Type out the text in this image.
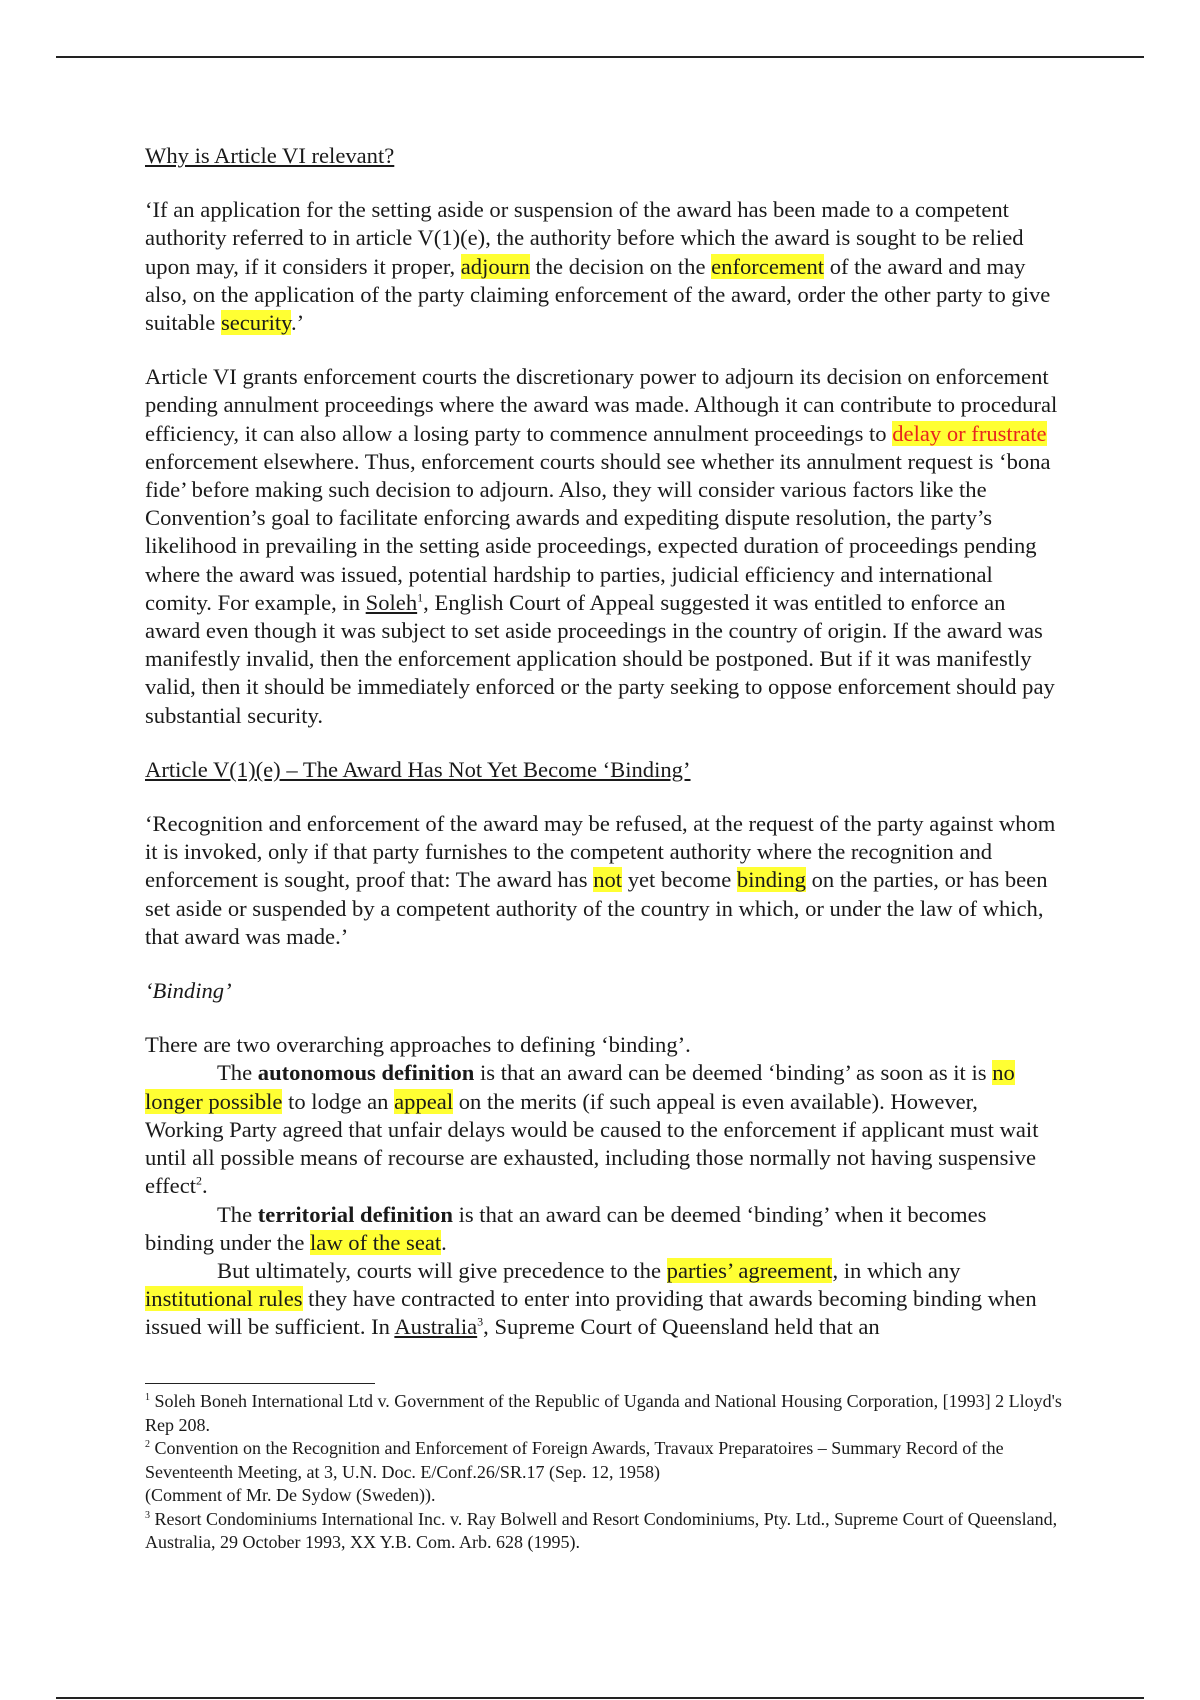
Why is Article VI relevant?

‘If an application for the setting aside or suspension of the award has been made to a competent authority referred to in article V(1)(e), the authority before which the award is sought to be relied upon may, if it considers it proper, adjourn the decision on the enforcement of the award and may also, on the application of the party claiming enforcement of the award, order the other party to give suitable security.’

Article VI grants enforcement courts the discretionary power to adjourn its decision on enforcement pending annulment proceedings where the award was made. Although it can contribute to procedural efficiency, it can also allow a losing party to commence annulment proceedings to delay or frustrate enforcement elsewhere. Thus, enforcement courts should see whether its annulment request is ‘bona fide’ before making such decision to adjourn. Also, they will consider various factors like the Convention’s goal to facilitate enforcing awards and expediting dispute resolution, the party’s likelihood in prevailing in the setting aside proceedings, expected duration of proceedings pending where the award was issued, potential hardship to parties, judicial efficiency and international comity. For example, in Soleh$^1$, English Court of Appeal suggested it was entitled to enforce an award even though it was subject to set aside proceedings in the country of origin. If the award was manifestly invalid, then the enforcement application should be postponed. But if it was manifestly valid, then it should be immediately enforced or the party seeking to oppose enforcement should pay substantial security.

Article V(1)(e) – The Award Has Not Yet Become ‘Binding’

‘Recognition and enforcement of the award may be refused, at the request of the party against whom it is invoked, only if that party furnishes to the competent authority where the recognition and enforcement is sought, proof that: The award has not yet become binding on the parties, or has been set aside or suspended by a competent authority of the country in which, or under the law of which, that award was made.’

‘Binding’

There are two overarching approaches to defining ‘binding’.

The autonomous definition is that an award can be deemed ‘binding’ as soon as it is no longer possible to lodge an appeal on the merits (if such appeal is even available). However, Working Party agreed that unfair delays would be caused to the enforcement if applicant must wait until all possible means of recourse are exhausted, including those normally not having suspensive effect$^2$.

The territorial definition is that an award can be deemed ‘binding’ when it becomes binding under the law of the seat.

But ultimately, courts will give precedence to the parties’ agreement, in which any institutional rules they have contracted to enter into providing that awards becoming binding when issued will be sufficient. In Australia$^3$, Supreme Court of Queensland held that an

$^1$ Soleh Boneh International Ltd v. Government of the Republic of Uganda and National Housing Corporation, [1993] 2 Lloyd's Rep 208.

$^2$ Convention on the Recognition and Enforcement of Foreign Awards, Travaux Preparatoires – Summary Record of the Seventeenth Meeting, at 3, U.N. Doc. E/Conf.26/SR.17 (Sep. 12, 1958)
(Comment of Mr. De Sydow (Sweden)).

$^3$ Resort Condominiums International Inc. v. Ray Bolwell and Resort Condominiums, Pty. Ltd., Supreme Court of Queensland, Australia, 29 October 1993, XX Y.B. Com. Arb. 628 (1995).
